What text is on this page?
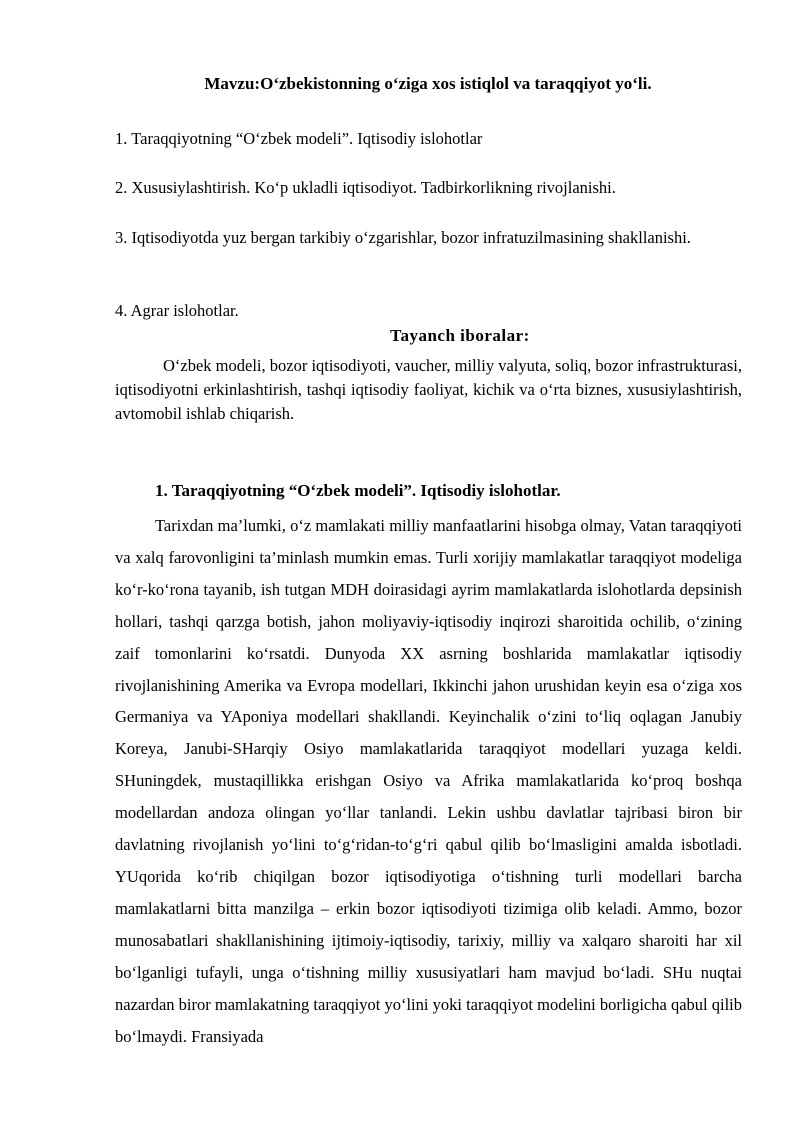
Mavzu:O‘zbekistonning o‘ziga xos istiqlol va taraqqiyot yo‘li.
1. Taraqqiyotning “O‘zbek modeli”. Iqtisodiy islohotlar
2. Xususiylashtirish. Ko‘p ukladli iqtisodiyot. Tadbirkorlikning rivojlanishi.
3. Iqtisodiyotda yuz bergan tarkibiy o‘zgarishlar, bozor infratuzilmasining shakllanishi.
4. Agrar islohotlar.
Tayanch iboralar:
O‘zbek modeli, bozor iqtisodiyoti, vaucher, milliy valyuta, soliq, bozor infrastrukturasi, iqtisodiyotni erkinlashtirish, tashqi iqtisodiy faoliyat, kichik va o‘rta biznes, xususiylashtirish, avtomobil ishlab chiqarish.
1. Taraqqiyotning “O‘zbek modeli”. Iqtisodiy islohotlar.
Tarixdan ma’lumki, o‘z mamlakati milliy manfaatlarini hisobga olmay, Vatan taraqqiyoti va xalq farovonligini ta’minlash mumkin emas. Turli xorijiy mamlakatlar taraqqiyot modeliga ko‘r-ko‘rona tayanib, ish tutgan MDH doirasidagi ayrim mamlakatlarda islohotlarda depsinish hollari, tashqi qarzga botish, jahon moliyaviy-iqtisodiy inqirozi sharoitida ochilib, o‘zining zaif tomonlarini ko‘rsatdi. Dunyoda XX asrning boshlarida mamlakatlar iqtisodiy rivojlanishining Amerika va Evropa modellari, Ikkinchi jahon urushidan keyin esa o‘ziga xos Germaniya va YAponiya modellari shakllandi. Keyinchalik o‘zini to‘liq oqlagan Janubiy Koreya, Janubi-SHarqiy Osiyo mamlakatlarida taraqqiyot modellari yuzaga keldi. SHuningdek, mustaqillikka erishgan Osiyo va Afrika mamlakatlarida ko‘proq boshqa modellardan andoza olingan yo‘llar tanlandi. Lekin ushbu davlatlar tajribasi biron bir davlatning rivojlanish yo‘lini to‘g‘ridan-to‘g‘ri qabul qilib bo‘lmasligini amalda isbotladi. YUqorida ko‘rib chiqilgan bozor iqtisodiyotiga o‘tishning turli modellari barcha mamlakatlarni bitta manzilga – erkin bozor iqtisodiyoti tizimiga olib keladi. Ammo, bozor munosabatlari shakllanishining ijtimoiy-iqtisodiy, tarixiy, milliy va xalqaro sharoiti har xil bo‘lganligi tufayli, unga o‘tishning milliy xususiyatlari ham mavjud bo‘ladi. SHu nuqtai nazardan biror mamlakatning taraqqiyot yo‘lini yoki taraqqiyot modelini borligicha qabul qilib bo‘lmaydi. Fransiyada
